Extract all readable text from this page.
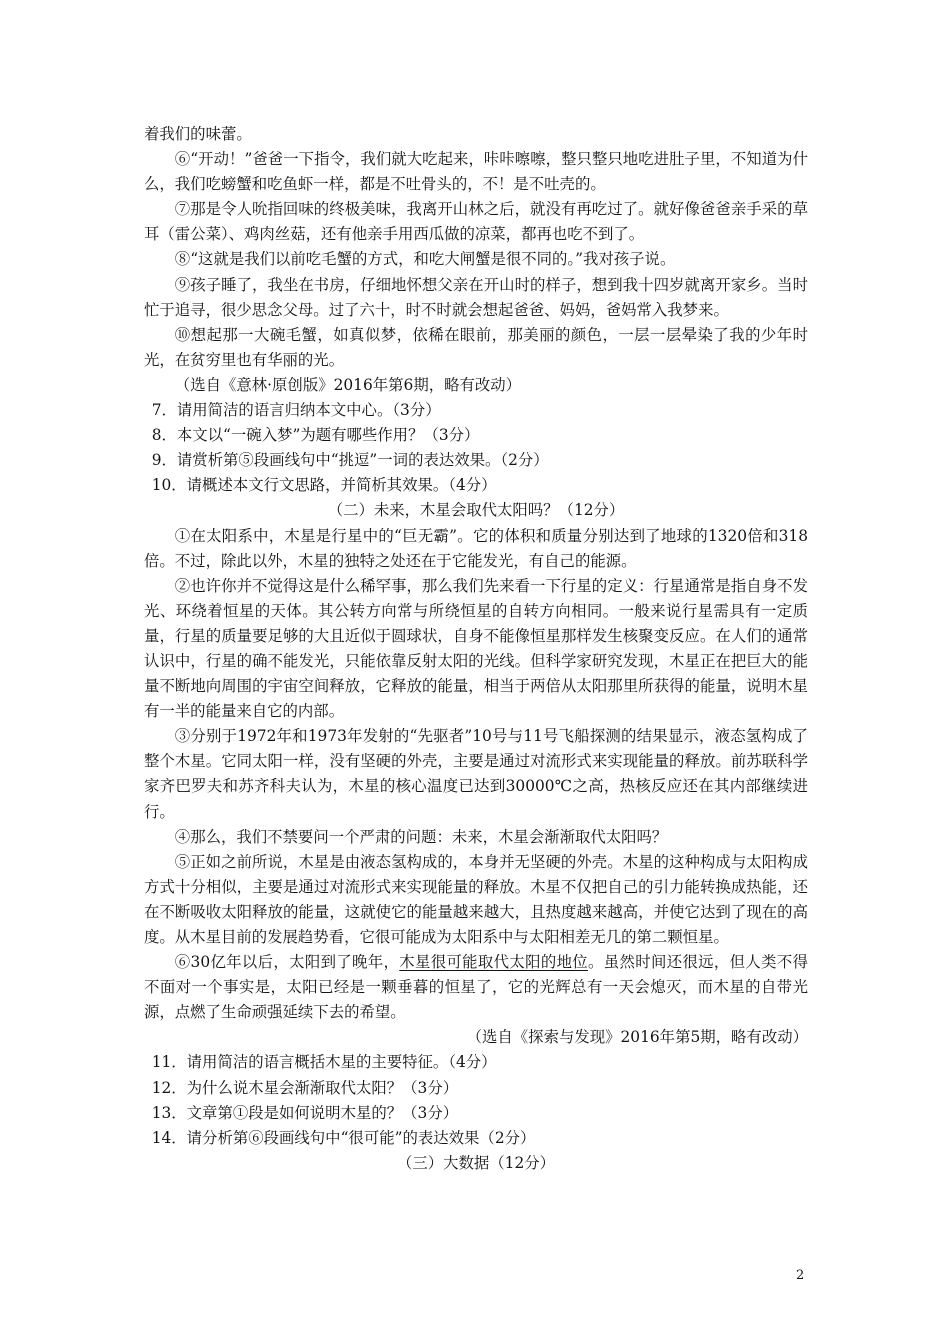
着我们的味蕾。

⑥“开动！”爸爸一下指令，我们就大吃起来，咔咔嚓嚓，整只整只地吃进肚子里，不知道为什么，我们吃螃蟹和吃鱼虾一样，都是不吐骨头的，不！是不吐壳的。

⑦那是令人吮指回味的终极美味，我离开山林之后，就没有再吃过了。就好像爸爸亲手采的草耳（雷公菜）、鸡肉丝菇，还有他亲手用西瓜做的凉菜，都再也吃不到了。

⑧“这就是我们以前吃毛蟹的方式，和吃大闸蟹是很不同的。”我对孩子说。

⑨孩子睡了，我坐在书房，仔细地怀想父亲在开山时的样子，想到我十四岁就离开家乡。当时忙于追寻，很少思念父母。过了六十，时不时就会想起爸爸、妈妈，爸妈常入我梦来。

⑩想起那一大碗毛蟹，如真似梦，依稀在眼前，那美丽的颜色，一层一层晕染了我的少年时光，在贫穷里也有华丽的光。

（选自《意林·原创版》2016年第6期，略有改动）

7．请用简洁的语言归纳本文中心。（3分）

8．本文以“一碗入梦”为题有哪些作用？（3分）

9．请赏析第⑤段画线句中“挑逗”一词的表达效果。（2分）

10．请概述本文行文思路，并简析其效果。（4分）

（二）未来，木星会取代太阳吗？（12分）

①在太阳系中，木星是行星中的“巨无霸”。它的体积和质量分别达到了地球的1320倍和318倍。不过，除此以外，木星的独特之处还在于它能发光，有自己的能源。

②也许你并不觉得这是什么稀罕事，那么我们先来看一下行星的定义：行星通常是指自身不发光、环绕着恒星的天体。其公转方向常与所绕恒星的自转方向相同。一般来说行星需具有一定质量，行星的质量要足够的大且近似于圆球状，自身不能像恒星那样发生核聚变反应。在人们的通常认识中，行星的确不能发光，只能依靠反射太阳的光线。但科学家研究发现，木星正在把巨大的能量不断地向周围的宇宙空间释放，它释放的能量，相当于两倍从太阳那里所获得的能量，说明木星有一半的能量来自它的内部。

③分别于1972年和1973年发射的“先驱者”10号与11号飞船探测的结果显示，液态氢构成了整个木星。它同太阳一样，没有坚硬的外壳，主要是通过对流形式来实现能量的释放。前苏联科学家齐巴罗夫和苏齐科夫认为，木星的核心温度已达到30000℃之高，热核反应还在其内部继续进行。

④那么，我们不禁要问一个严肃的问题：未来，木星会渐渐取代太阳吗？

⑤正如之前所说，木星是由液态氢构成的，本身并无坚硬的外壳。木星的这种构成与太阳构成方式十分相似，主要是通过对流形式来实现能量的释放。木星不仅把自己的引力能转换成热能，还在不断吸收太阳释放的能量，这就使它的能量越来越大，且热度越来越高，并使它达到了现在的高度。从木星目前的发展趋势看，它很可能成为太阳系中与太阳相差无几的第二颗恒星。

⑥30亿年以后，太阳到了晚年，木星很可能取代太阳的地位。虽然时间还很远，但人类不得不面对一个事实是，太阳已经是一颗垂暮的恒星了，它的光辉总有一天会熄灭，而木星的自带光源，点燃了生命顽强延续下去的希望。

（选自《探索与发现》2016年第5期，略有改动）

11．请用简洁的语言概括木星的主要特征。（4分）

12．为什么说木星会渐渐取代太阳？（3分）

13．文章第①段是如何说明木星的？（3分）

14．请分析第⑥段画线句中“很可能”的表达效果（2分）

（三）大数据（12分）

2
